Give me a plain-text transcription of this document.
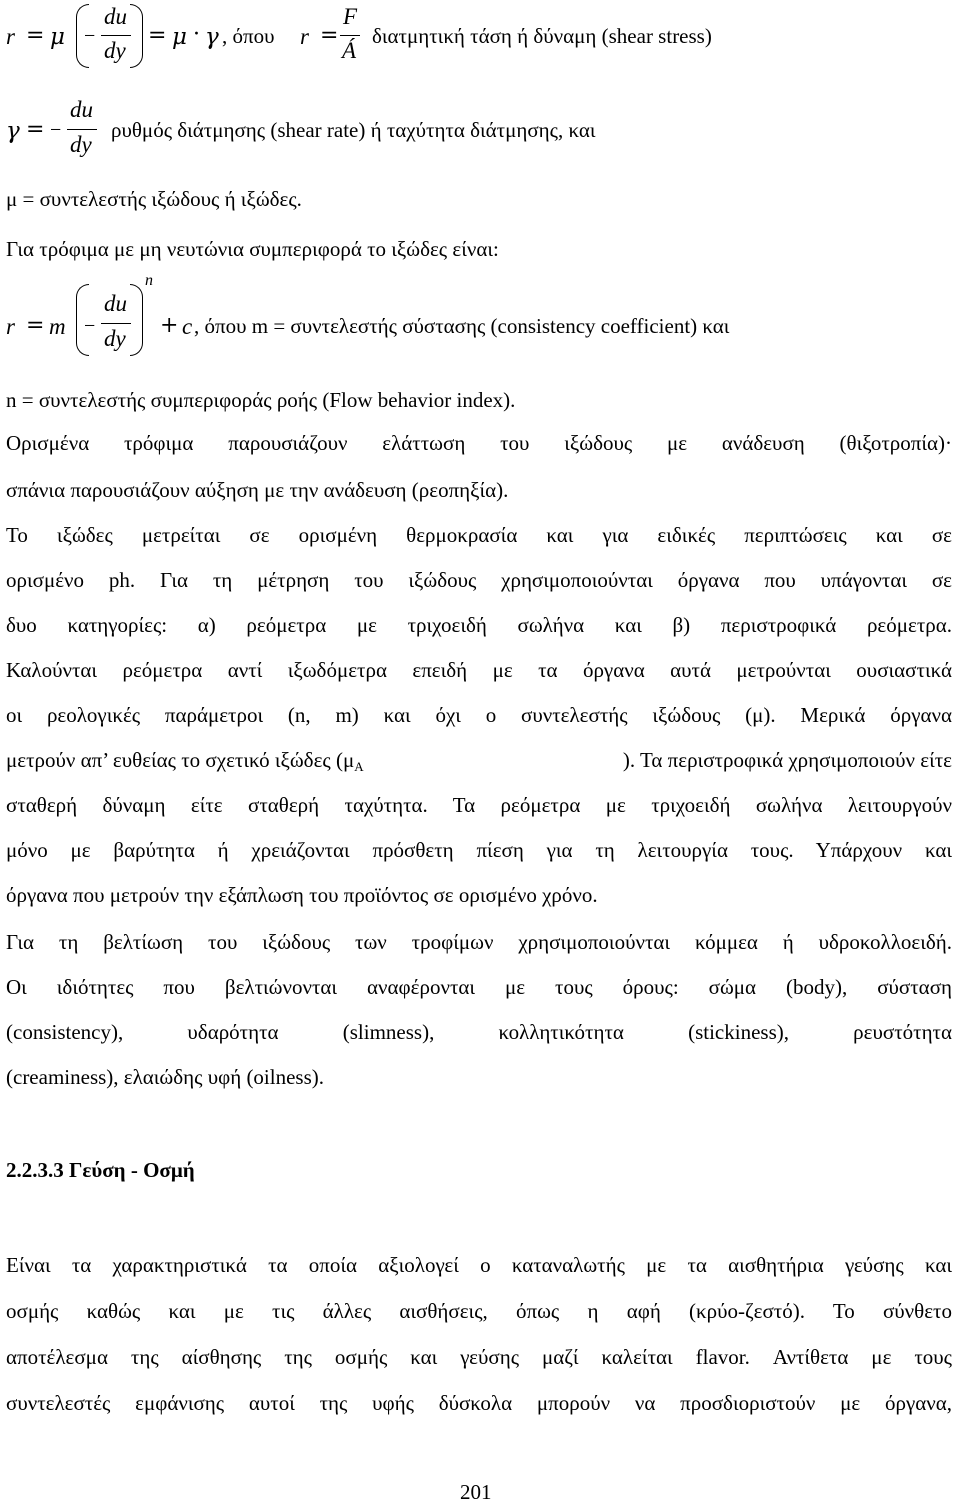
r = μ −
du
dy
= μ · γ , όπου r =
F
Á
διατμητική τάση ή δύναμη (shear stress)
γ = −
du
dy
ρυθμός διάτμησης (shear rate) ή ταχύτητα διάτμησης, και
μ = συντελεστής ιξώδους ή ιξώδες.
Για τρόφιμα με μη νευτώνια συμπεριφορά το ιξώδες είναι:
r = m −
du
dy
n
+ c , όπου m = συντελεστής σύστασης (consistency coefficient) και
n = συντελεστής συμπεριφοράς ροής (Flow behavior index).
Ορισμένα τρόφιμα παρουσιάζουν ελάττωση του ιξώδους με ανάδευση (θιξοτροπία)·
σπάνια παρουσιάζουν αύξηση με την ανάδευση (ρεοπηξία).
Το ιξώδες μετρείται σε ορισμένη θερμοκρασία και για ειδικές περιπτώσεις και σε
ορισμένο ph. Για τη μέτρηση του ιξώδους χρησιμοποιούνται όργανα που υπάγονται σε
δυο κατηγορίες: α) ρεόμετρα με τριχοειδή σωλήνα και β) περιστροφικά ρεόμετρα.
Καλούνται ρεόμετρα αντί ιξωδόμετρα επειδή με τα όργανα αυτά μετρούνται ουσιαστικά
οι ρεολογικές παράμετροι (n, m) και όχι ο συντελεστής ιξώδους (μ). Μερικά όργανα
μετρούν απ’ ευθείας το σχετικό ιξώδες ($\mu_A$	). Τα περιστροφικά χρησιμοποιούν είτε
σταθερή δύναμη είτε σταθερή ταχύτητα. Τα ρεόμετρα με τριχοειδή σωλήνα λειτουργούν
μόνο με βαρύτητα ή χρειάζονται πρόσθετη πίεση για τη λειτουργία τους. Υπάρχουν και
όργανα που μετρούν την εξάπλωση του προϊόντος σε ορισμένο χρόνο.
Για τη βελτίωση του ιξώδους των τροφίμων χρησιμοποιούνται κόμμεα ή υδροκολλοειδή.
Οι ιδιότητες που βελτιώνονται αναφέρονται με τους όρους: σώμα (body), σύσταση
(consistency), υδαρότητα (slimness), κολλητικότητα (stickiness), ρευστότητα
(creaminess), ελαιώδης υφή (oilness).
2.2.3.3 Γεύση - Οσμή
Είναι τα χαρακτηριστικά τα οποία αξιολογεί ο καταναλωτής με τα αισθητήρια γεύσης και
οσμής καθώς και με τις άλλες αισθήσεις, όπως η αφή (κρύο-ζεστό). Το σύνθετο
αποτέλεσμα της αίσθησης της οσμής και γεύσης μαζί καλείται flavor. Αντίθετα με τους
συντελεστές εμφάνισης αυτοί της υφής δύσκολα μπορούν να προσδιοριστούν με όργανα,
201
